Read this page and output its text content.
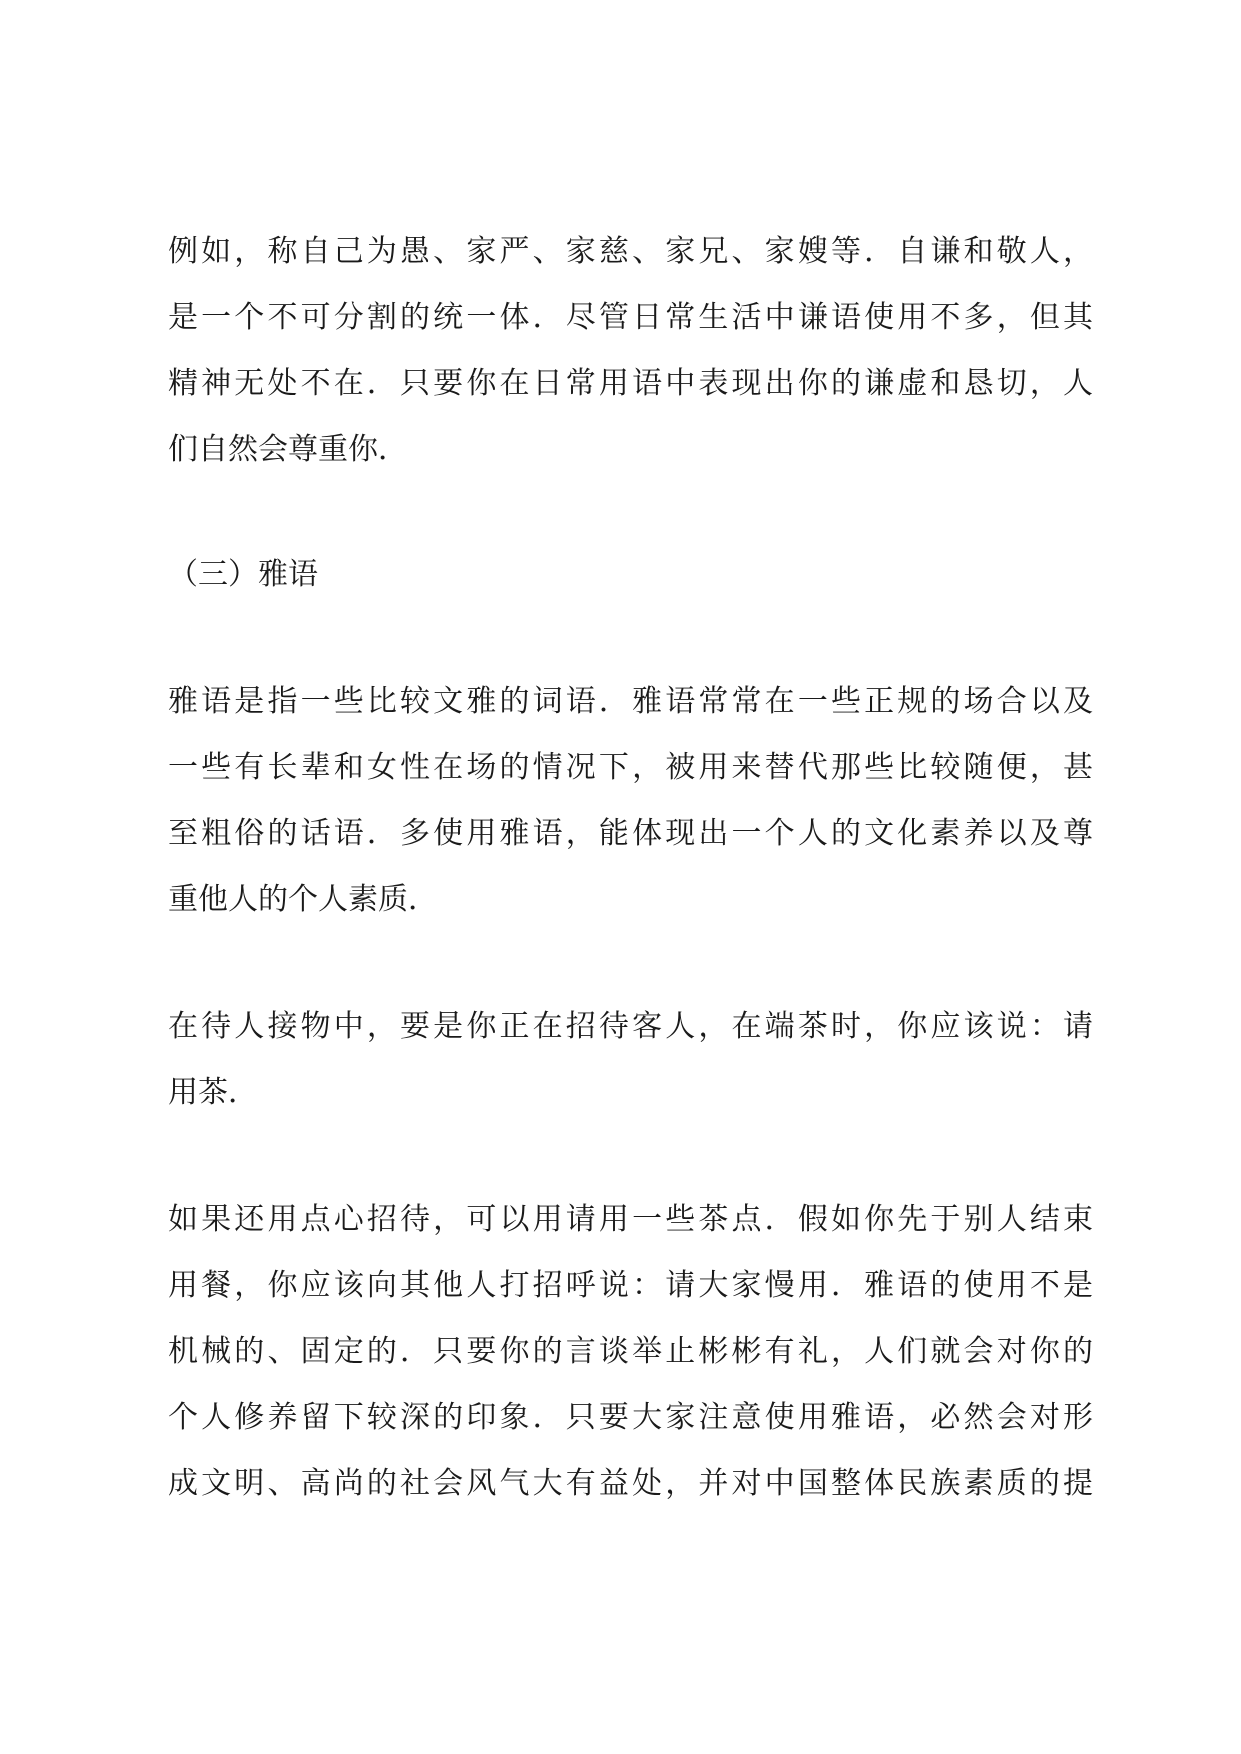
例如，称自己为愚、家严、家慈、家兄、家嫂等．自谦和敬人，
是一个不可分割的统一体．尽管日常生活中谦语使用不多，但其
精神无处不在．只要你在日常用语中表现出你的谦虚和恳切，人
们自然会尊重你．
（三）雅语
雅语是指一些比较文雅的词语．雅语常常在一些正规的场合以及
一些有长辈和女性在场的情况下，被用来替代那些比较随便，甚
至粗俗的话语．多使用雅语，能体现出一个人的文化素养以及尊
重他人的个人素质．
在待人接物中，要是你正在招待客人，在端茶时，你应该说：请
用茶．
如果还用点心招待，可以用请用一些茶点．假如你先于别人结束
用餐，你应该向其他人打招呼说：请大家慢用．雅语的使用不是
机械的、固定的．只要你的言谈举止彬彬有礼，人们就会对你的
个人修养留下较深的印象．只要大家注意使用雅语，必然会对形
成文明、高尚的社会风气大有益处，并对中国整体民族素质的提
